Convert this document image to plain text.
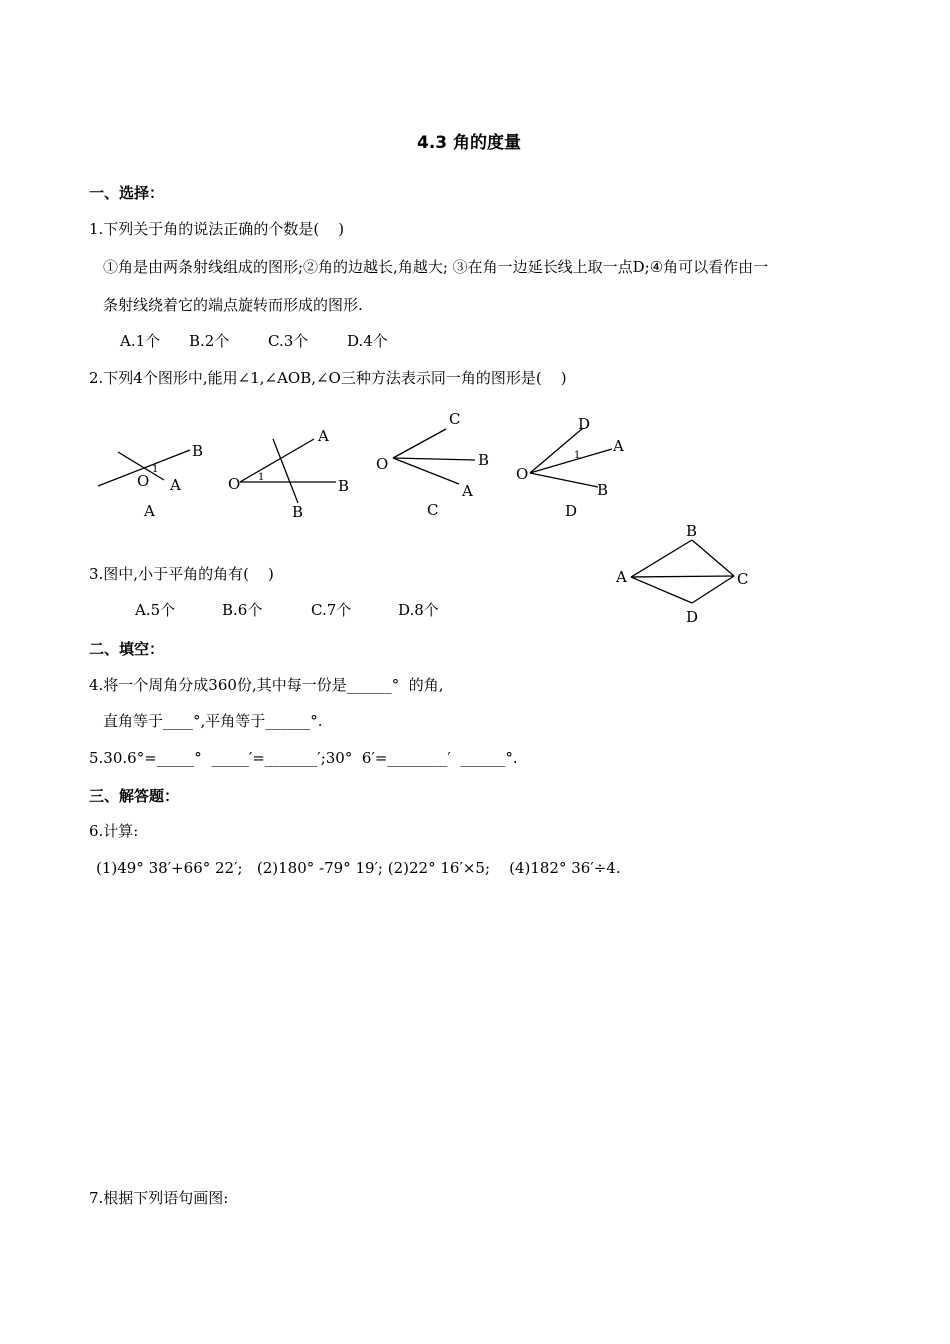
4.3 角的度量
一、选择：
1.下列关于角的说法正确的个数是(    )
①角是由两条射线组成的图形;②角的边越长,角越大; ③在角一边延长线上取一点D;④角可以看作由一
条射线绕着它的端点旋转而形成的图形.
A.1个 B.2个	C.3个	D.4个
2.下列4个图形中,能用∠1,∠AOB,∠O三种方法表示同一角的图形是(    )
B
O A
1
A
A
O 1	B
B
C
O	B
A
C
D
A
1
O
B
D
3.图中,小于平角的角有(    )
A.5个	B.6个	C.7个	D.8个
B
A	C
D
二、填空：
4.将一个周角分成360份,其中每一份是______°  的角,
直角等于____°,平角等于______°.
5.30.6°=_____°  _____′=_______′;30°  6′=________′  ______°.
三、解答题：
6.计算:
(1)49° 38′+66° 22′;   (2)180° -79° 19′; (2)22° 16′×5;    (4)182° 36′÷4.
7.根据下列语句画图:
